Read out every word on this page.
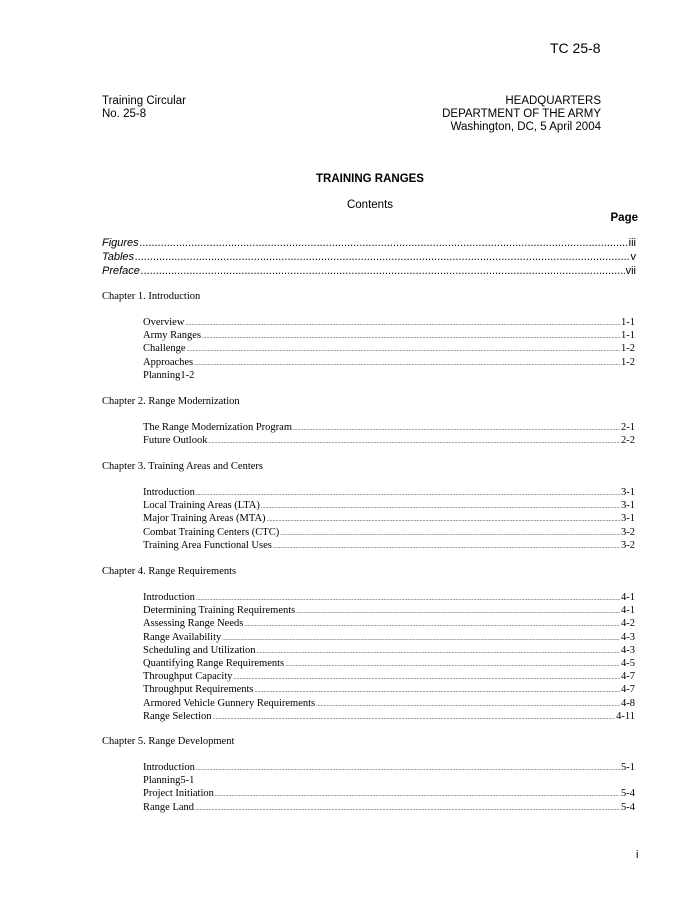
TC 25-8
Training Circular
No. 25-8
HEADQUARTERS
DEPARTMENT OF THE ARMY
Washington, DC, 5 April 2004
TRAINING RANGES
Contents
Page
Figures .....	iii
Tables .....	v
Preface .....	vii
Chapter 1. Introduction
Overview .....	1-1
Army Ranges .....	1-1
Challenge .....	1-2
Approaches .....	1-2
Planning1-2
Chapter 2. Range Modernization
The Range Modernization Program .....	2-1
Future Outlook .....	2-2
Chapter 3. Training Areas and Centers
Introduction .....	3-1
Local Training Areas (LTA) .....	3-1
Major Training Areas (MTA) .....	3-1
Combat Training Centers (CTC) .....	3-2
Training Area Functional Uses .....	3-2
Chapter 4. Range Requirements
Introduction .....	4-1
Determining Training Requirements .....	4-1
Assessing Range Needs .....	4-2
Range Availability .....	4-3
Scheduling and Utilization .....	4-3
Quantifying Range Requirements .....	4-5
Throughput Capacity .....	4-7
Throughput Requirements .....	4-7
Armored Vehicle Gunnery Requirements .....	4-8
Range Selection .....	4-11
Chapter 5. Range Development
Introduction .....	5-1
Planning5-1
Project Initiation .....	5-4
Range Land .....	5-4
i
